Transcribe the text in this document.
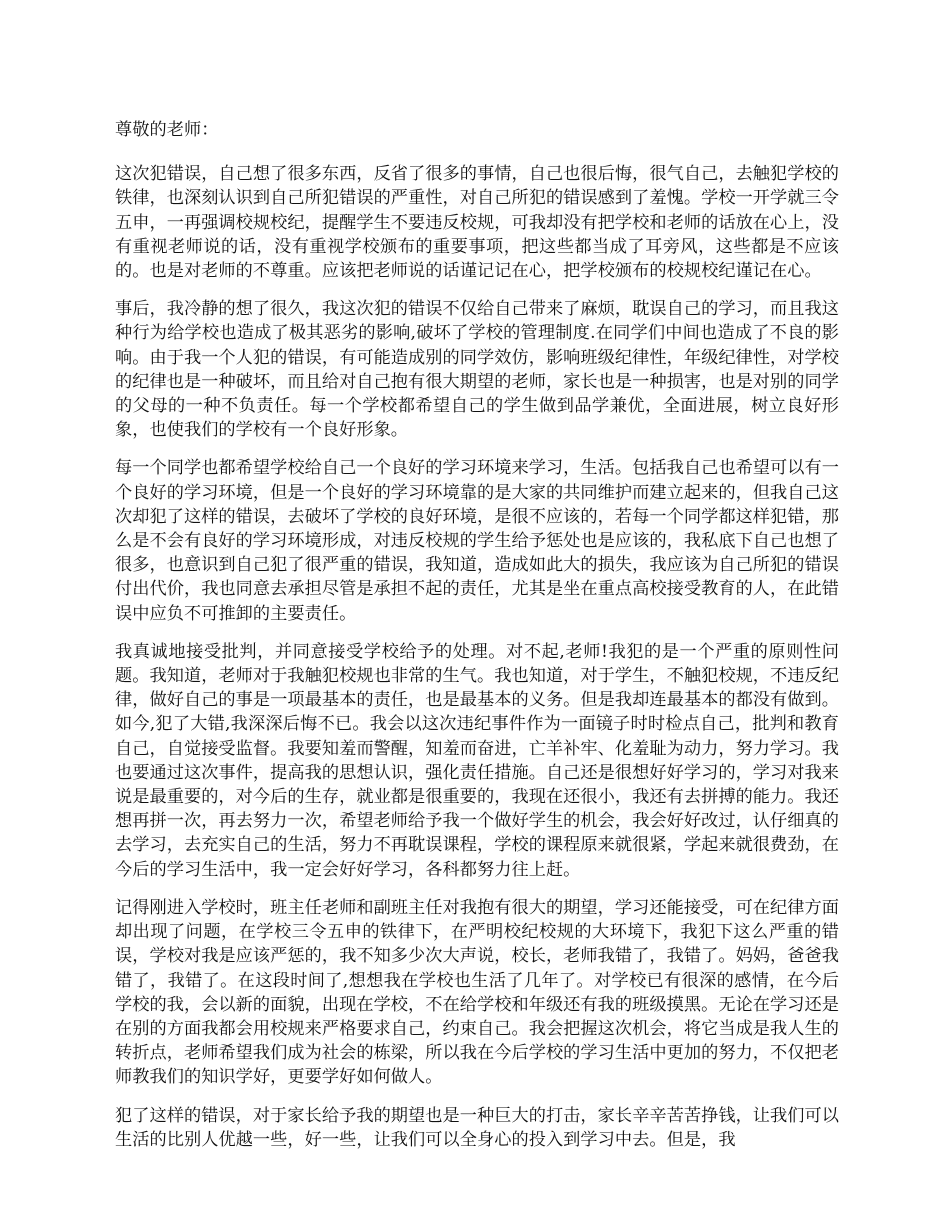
尊敬的老师：

这次犯错误，自己想了很多东西，反省了很多的事情，自己也很后悔，很气自己，去触犯学校的铁律，也深刻认识到自己所犯错误的严重性，对自己所犯的错误感到了羞愧。学校一开学就三令五申，一再强调校规校纪，提醒学生不要违反校规，可我却没有把学校和老师的话放在心上，没有重视老师说的话，没有重视学校颁布的重要事项，把这些都当成了耳旁风，这些都是不应该的。也是对老师的不尊重。应该把老师说的话谨记记在心，把学校颁布的校规校纪谨记在心。

事后，我冷静的想了很久，我这次犯的错误不仅给自己带来了麻烦，耽误自己的学习，而且我这种行为给学校也造成了极其恶劣的影响,破坏了学校的管理制度.在同学们中间也造成了不良的影响。由于我一个人犯的错误，有可能造成别的同学效仿，影响班级纪律性，年级纪律性，对学校的纪律也是一种破坏，而且给对自己抱有很大期望的老师，家长也是一种损害，也是对别的同学的父母的一种不负责任。每一个学校都希望自己的学生做到品学兼优，全面进展，树立良好形象，也使我们的学校有一个良好形象。

每一个同学也都希望学校给自己一个良好的学习环境来学习，生活。包括我自己也希望可以有一个良好的学习环境，但是一个良好的学习环境靠的是大家的共同维护而建立起来的，但我自己这次却犯了这样的错误，去破坏了学校的良好环境，是很不应该的，若每一个同学都这样犯错，那么是不会有良好的学习环境形成，对违反校规的学生给予惩处也是应该的，我私底下自己也想了很多，也意识到自己犯了很严重的错误，我知道，造成如此大的损失，我应该为自己所犯的错误付出代价，我也同意去承担尽管是承担不起的责任，尤其是坐在重点高校接受教育的人，在此错误中应负不可推卸的主要责任。

我真诚地接受批判，并同意接受学校给予的处理。对不起,老师!我犯的是一个严重的原则性问题。我知道，老师对于我触犯校规也非常的生气。我也知道，对于学生，不触犯校规，不违反纪律，做好自己的事是一项最基本的责任，也是最基本的义务。但是我却连最基本的都没有做到。如今,犯了大错,我深深后悔不已。我会以这次违纪事件作为一面镜子时时检点自己，批判和教育自己，自觉接受监督。我要知羞而警醒，知羞而奋进，亡羊补牢、化羞耻为动力，努力学习。我也要通过这次事件，提高我的思想认识，强化责任措施。自己还是很想好好学习的，学习对我来说是最重要的，对今后的生存，就业都是很重要的，我现在还很小，我还有去拼搏的能力。我还想再拼一次，再去努力一次，希望老师给予我一个做好学生的机会，我会好好改过，认仔细真的去学习，去充实自己的生活，努力不再耽误课程，学校的课程原来就很紧，学起来就很费劲，在今后的学习生活中，我一定会好好学习，各科都努力往上赶。

记得刚进入学校时，班主任老师和副班主任对我抱有很大的期望，学习还能接受，可在纪律方面却出现了问题，在学校三令五申的铁律下，在严明校纪校规的大环境下，我犯下这么严重的错误，学校对我是应该严惩的，我不知多少次大声说，校长，老师我错了，我错了。妈妈，爸爸我错了，我错了。在这段时间了,想想我在学校也生活了几年了。对学校已有很深的感情，在今后学校的我，会以新的面貌，出现在学校，不在给学校和年级还有我的班级摸黑。无论在学习还是在别的方面我都会用校规来严格要求自己，约束自己。我会把握这次机会，将它当成是我人生的转折点，老师希望我们成为社会的栋梁，所以我在今后学校的学习生活中更加的努力，不仅把老师教我们的知识学好，更要学好如何做人。

犯了这样的错误，对于家长给予我的期望也是一种巨大的打击，家长辛辛苦苦挣钱，让我们可以生活的比别人优越一些，好一些，让我们可以全身心的投入到学习中去。但是，我
